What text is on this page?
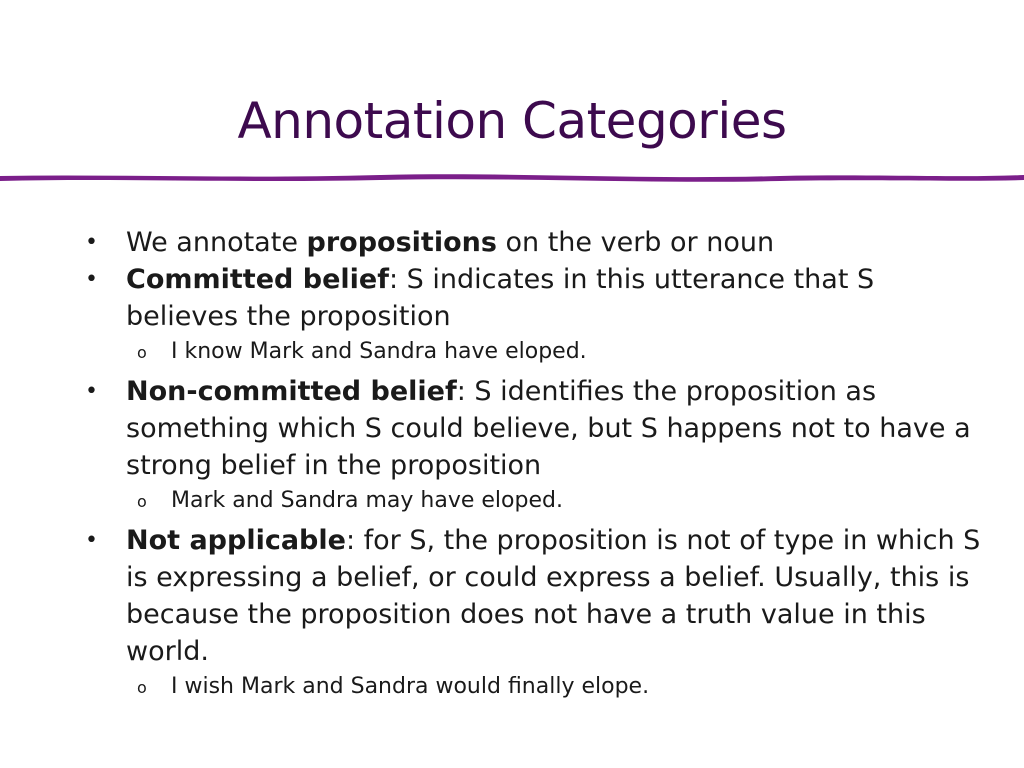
Annotation Categories
• We annotate propositions on the verb or noun
• Committed belief: S indicates in this utterance that S believes the proposition
o I know Mark and Sandra have eloped.
• Non-committed belief: S identifies the proposition as something which S could believe, but S happens not to have a strong belief in the proposition
o Mark and Sandra may have eloped.
• Not applicable: for S, the proposition is not of type in which S is expressing a belief, or could express a belief. Usually, this is because the proposition does not have a truth value in this world.
o I wish Mark and Sandra would finally elope.
